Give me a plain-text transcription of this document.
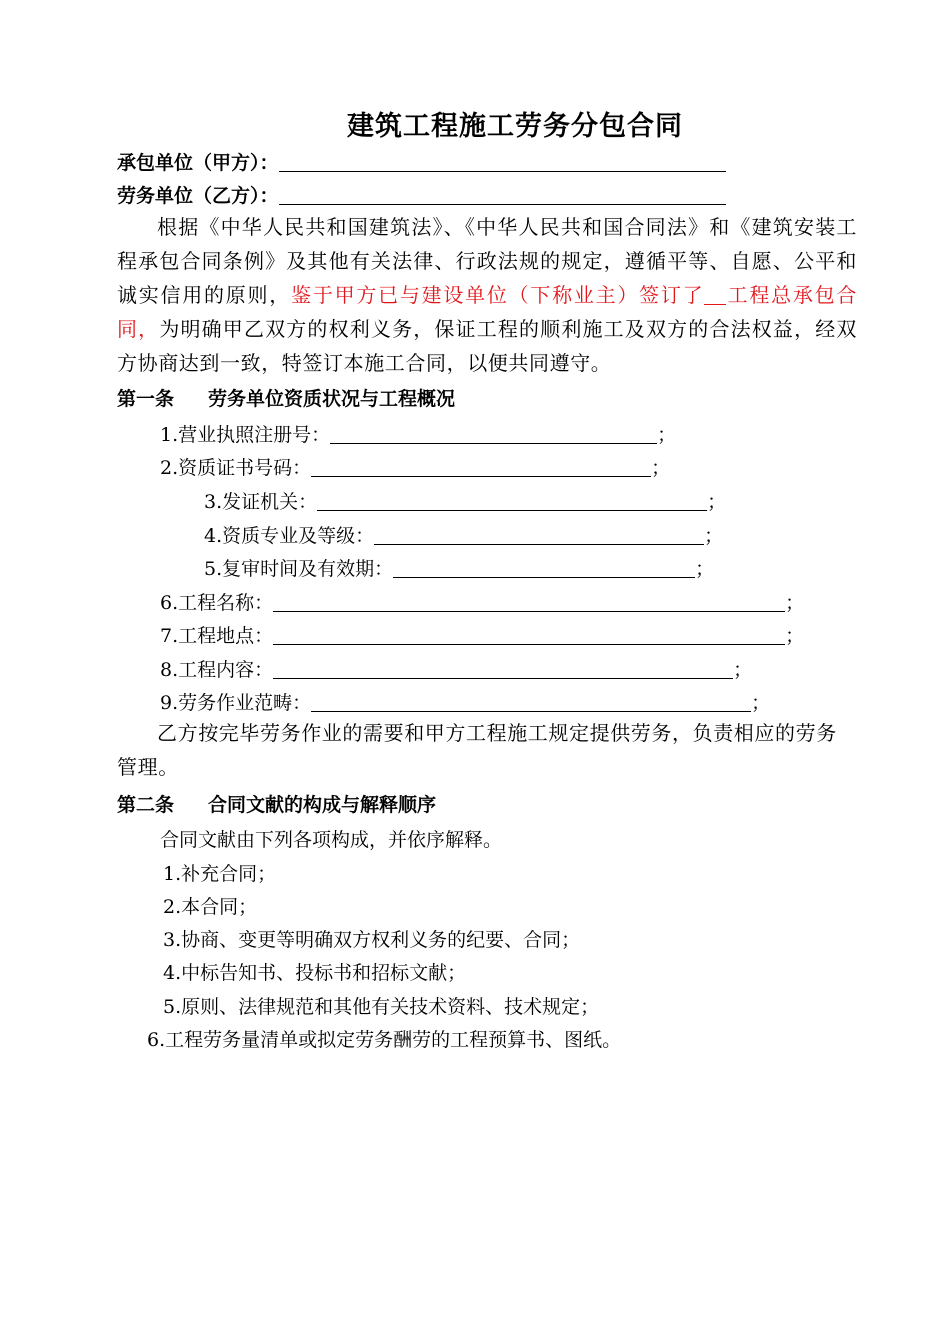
建筑工程施工劳务分包合同
承包单位（甲方）：
劳务单位（乙方）：
根据《中华人民共和国建筑法》、《中华人民共和国合同法》和《建筑安装工程承包合同条例》及其他有关法律、行政法规的规定，遵循平等、自愿、公平和诚实信用的原则，鉴于甲方已与建设单位（下称业主）签订了 工程总承包合同，为明确甲乙双方的权利义务，保证工程的顺利施工及双方的合法权益，经双方协商达到一致，特签订本施工合同，以便共同遵守。
第一条 劳务单位资质状况与工程概况
1.营业执照注册号：	；
2.资质证书号码：	；
3.发证机关：	；
4.资质专业及等级：	；
5.复审时间及有效期：	；
6.工程名称：	；
7.工程地点：	；
8.工程内容：	；
9.劳务作业范畴：	；
乙方按完毕劳务作业的需要和甲方工程施工规定提供劳务，负责相应的劳务管理。
第二条 合同文献的构成与解释顺序
合同文献由下列各项构成，并依序解释。
1.补充合同；
2.本合同；
3.协商、变更等明确双方权利义务的纪要、合同；
4.中标告知书、投标书和招标文献；
5.原则、法律规范和其他有关技术资料、技术规定；
6.工程劳务量清单或拟定劳务酬劳的工程预算书、图纸。
